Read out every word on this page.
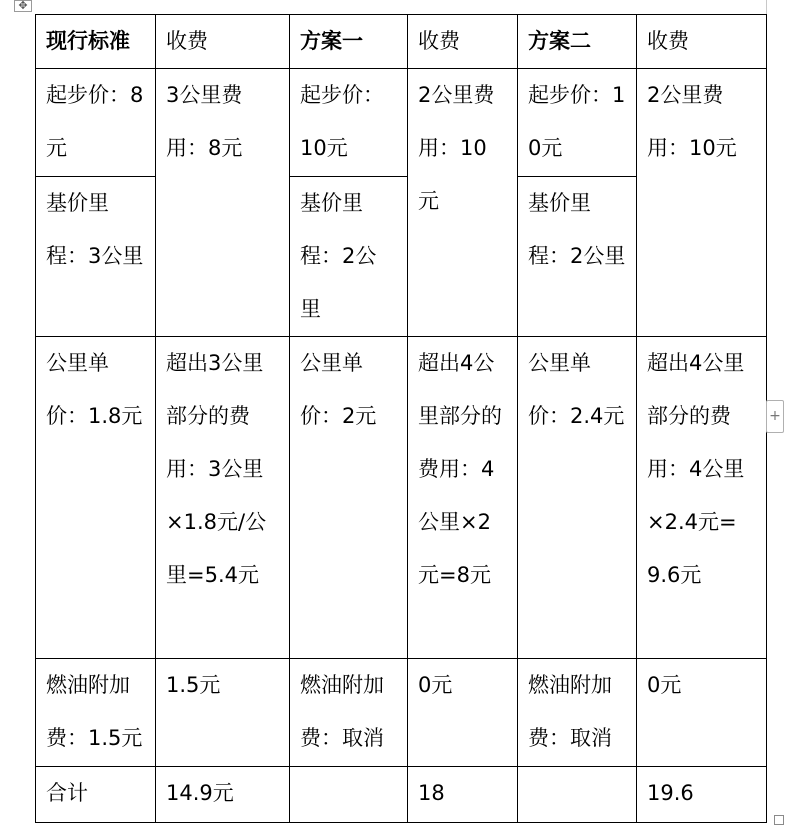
✥
现行标准	收费	方案一	收费	方案二	收费
起步价：8元	3公里费用：8元	起步价：10元	2公里费用：10元	起步价：10元	2公里费用：10元
基价里程：3公里		基价里程：2公里		基价里程：2公里	
公里单价：1.8元	超出3公里部分的费用：3公里×1.8元/公里=5.4元	公里单价：2元	超出4公里部分的费用：4公里×2元=8元	公里单价：2.4元	超出4公里部分的费用：4公里×2.4元=9.6元
燃油附加费：1.5元	1.5元	燃油附加费：取消	0元	燃油附加费：取消	0元
合计	14.9元		18		19.6
+
